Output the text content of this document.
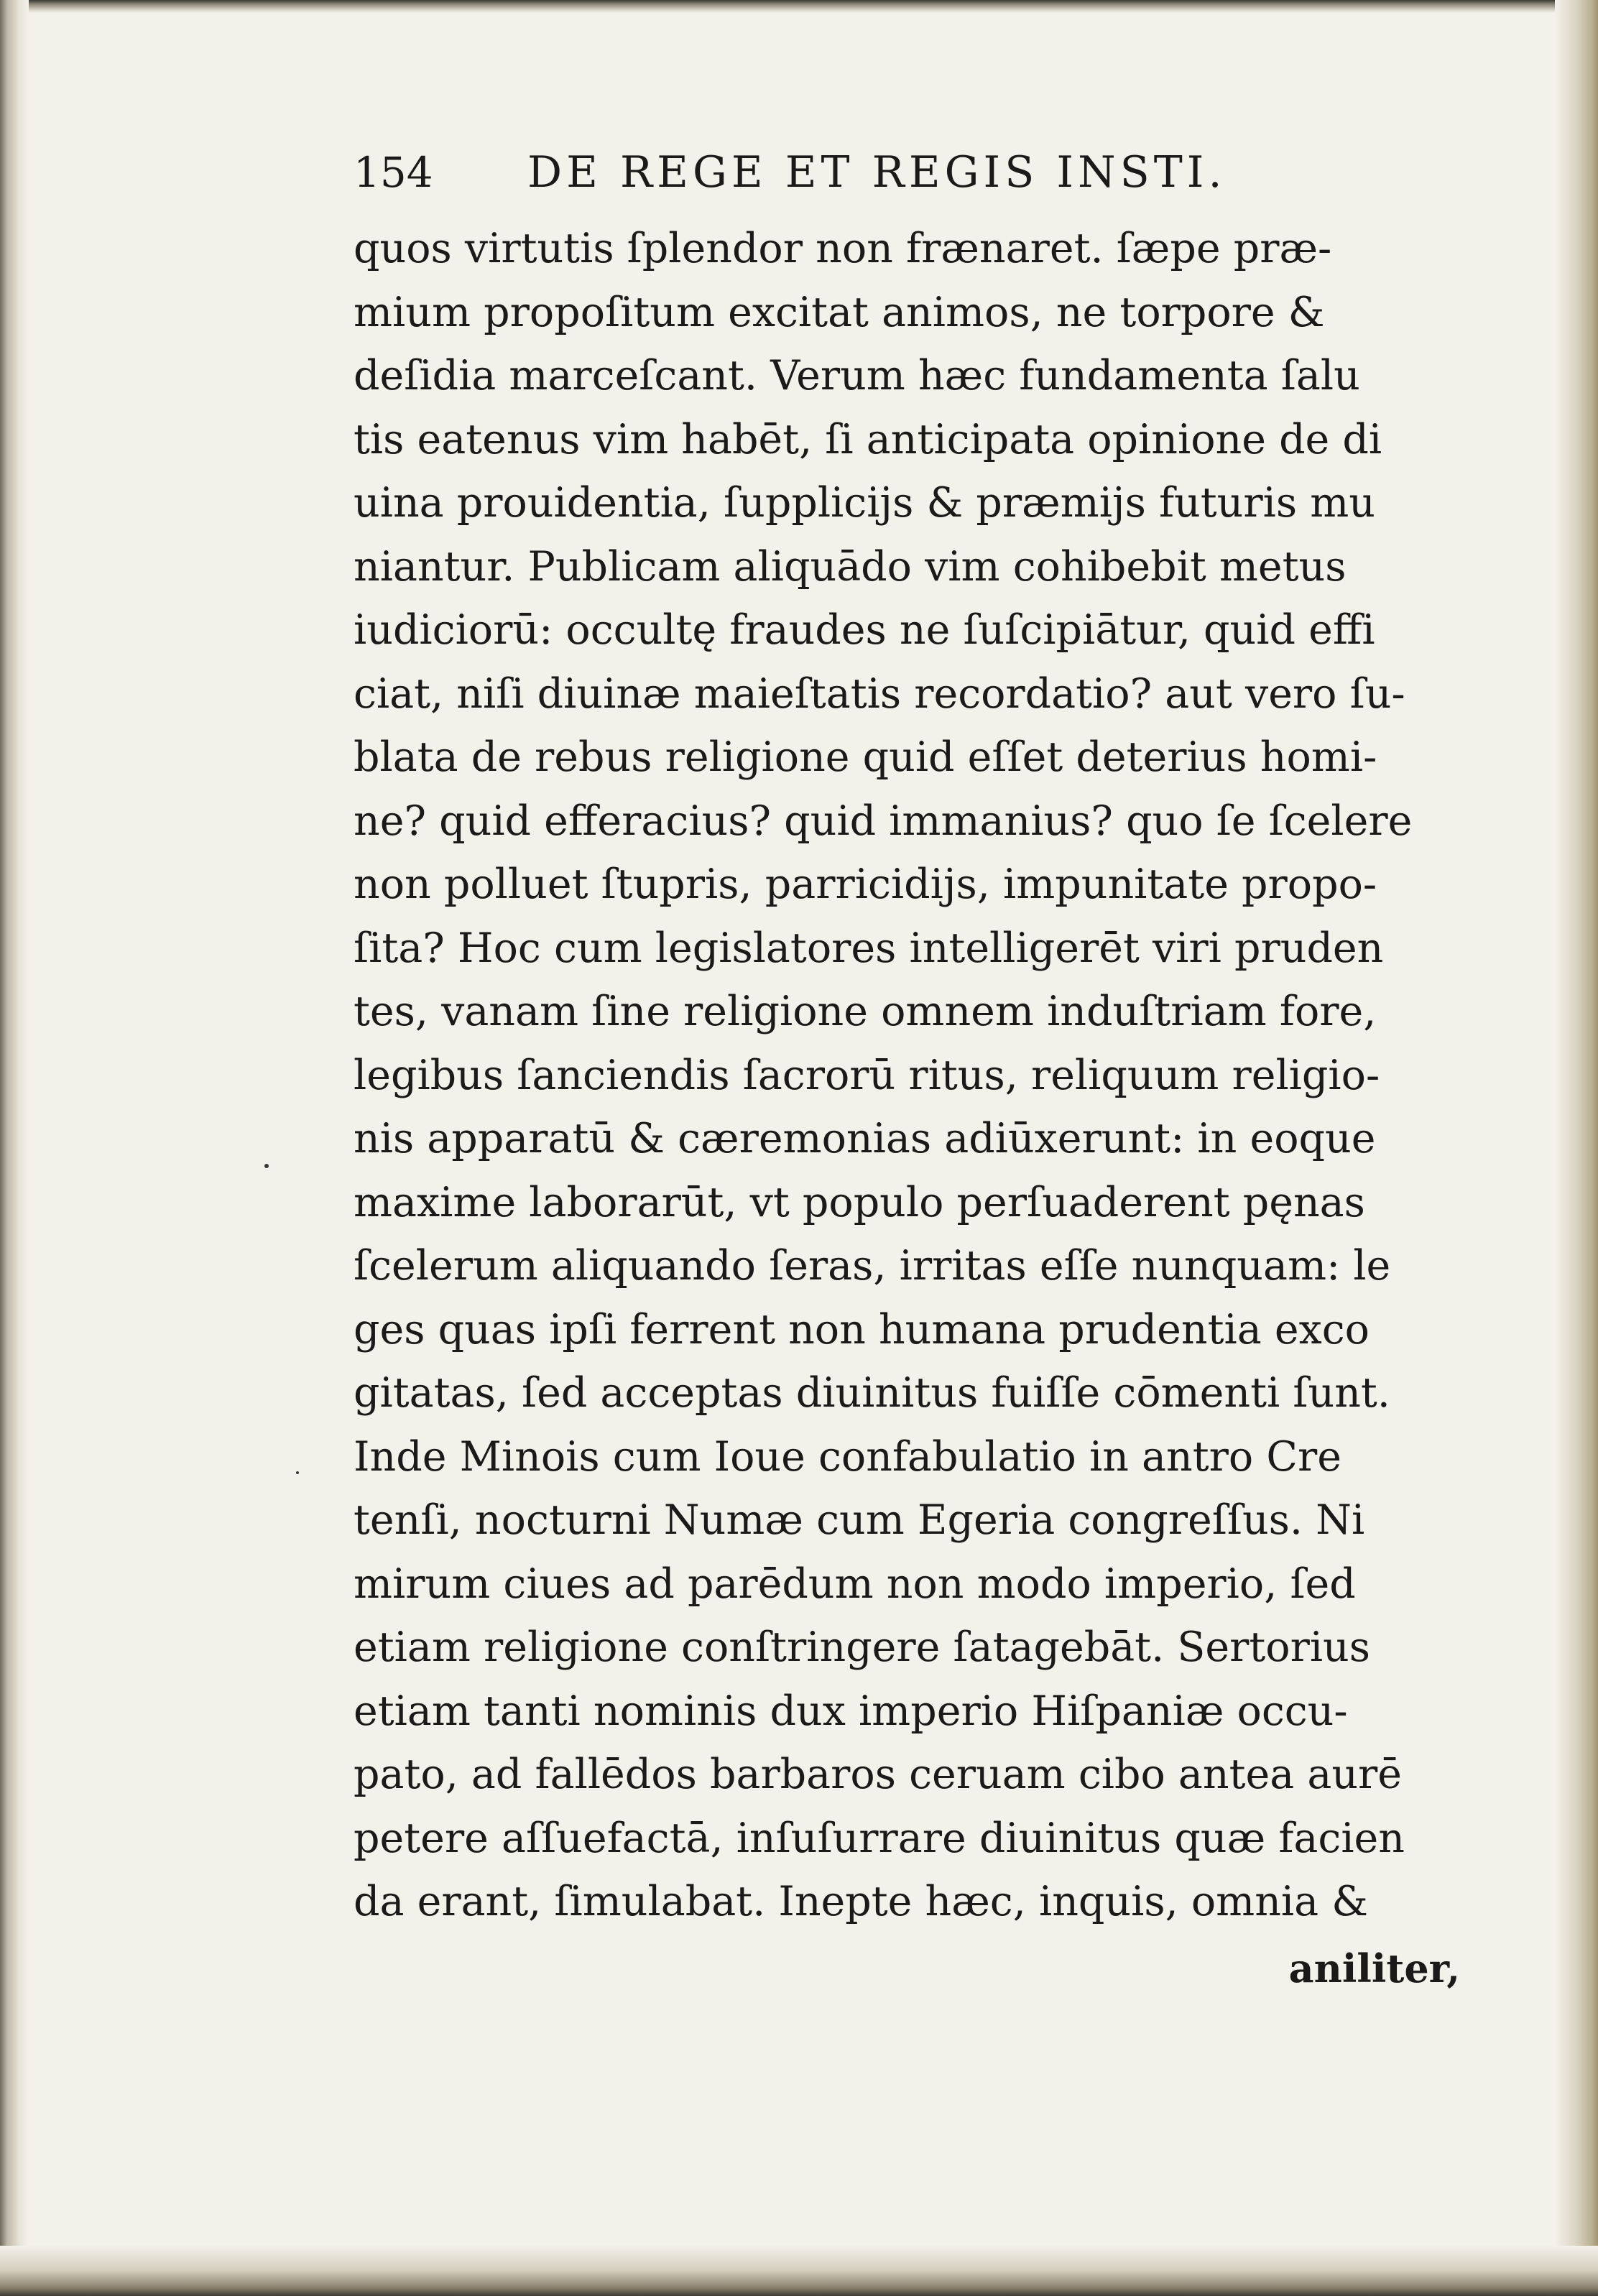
154 DE REGE ET REGIS INSTI.
quos virtutis ſplendor non frænaret. ſæpe præ-
mium propoſitum excitat animos, ne torpore &
deſidia marceſcant. Verum hæc fundamenta ſalu
tis eatenus vim habēt, ſi anticipata opinione de di
uina prouidentia, ſupplicijs & præmijs futuris mu
niantur. Publicam aliquādo vim cohibebit metus
iudiciorū: occultę fraudes ne ſuſcipiātur, quid effi
ciat, niſi diuinæ maieſtatis recordatio? aut vero ſu-
blata de rebus religione quid eſſet deterius homi-
ne? quid efferacius? quid immanius? quo ſe ſcelere
non polluet ſtupris, parricidijs, impunitate propo-
ſita? Hoc cum legislatores intelligerēt viri pruden
tes, vanam ſine religione omnem induſtriam fore,
legibus ſanciendis ſacrorū ritus, reliquum religio-
nis apparatū & cæremonias adiūxerunt: in eoque
maxime laborarūt, vt populo perſuaderent pęnas
ſcelerum aliquando ſeras, irritas eſſe nunquam: le
ges quas ipſi ferrent non humana prudentia exco
gitatas, ſed acceptas diuinitus fuiſſe cōmenti ſunt.
Inde Minois cum Ioue confabulatio in antro Cre
tenſi, nocturni Numæ cum Egeria congreſſus. Ni
mirum ciues ad parēdum non modo imperio, ſed
etiam religione conſtringere ſatagebāt. Sertorius
etiam tanti nominis dux imperio Hiſpaniæ occu-
pato, ad fallēdos barbaros ceruam cibo antea aurē
petere aſſuefactā, inſuſurrare diuinitus quæ facien
da erant, ſimulabat. Inepte hæc, inquis, omnia &
aniliter,
